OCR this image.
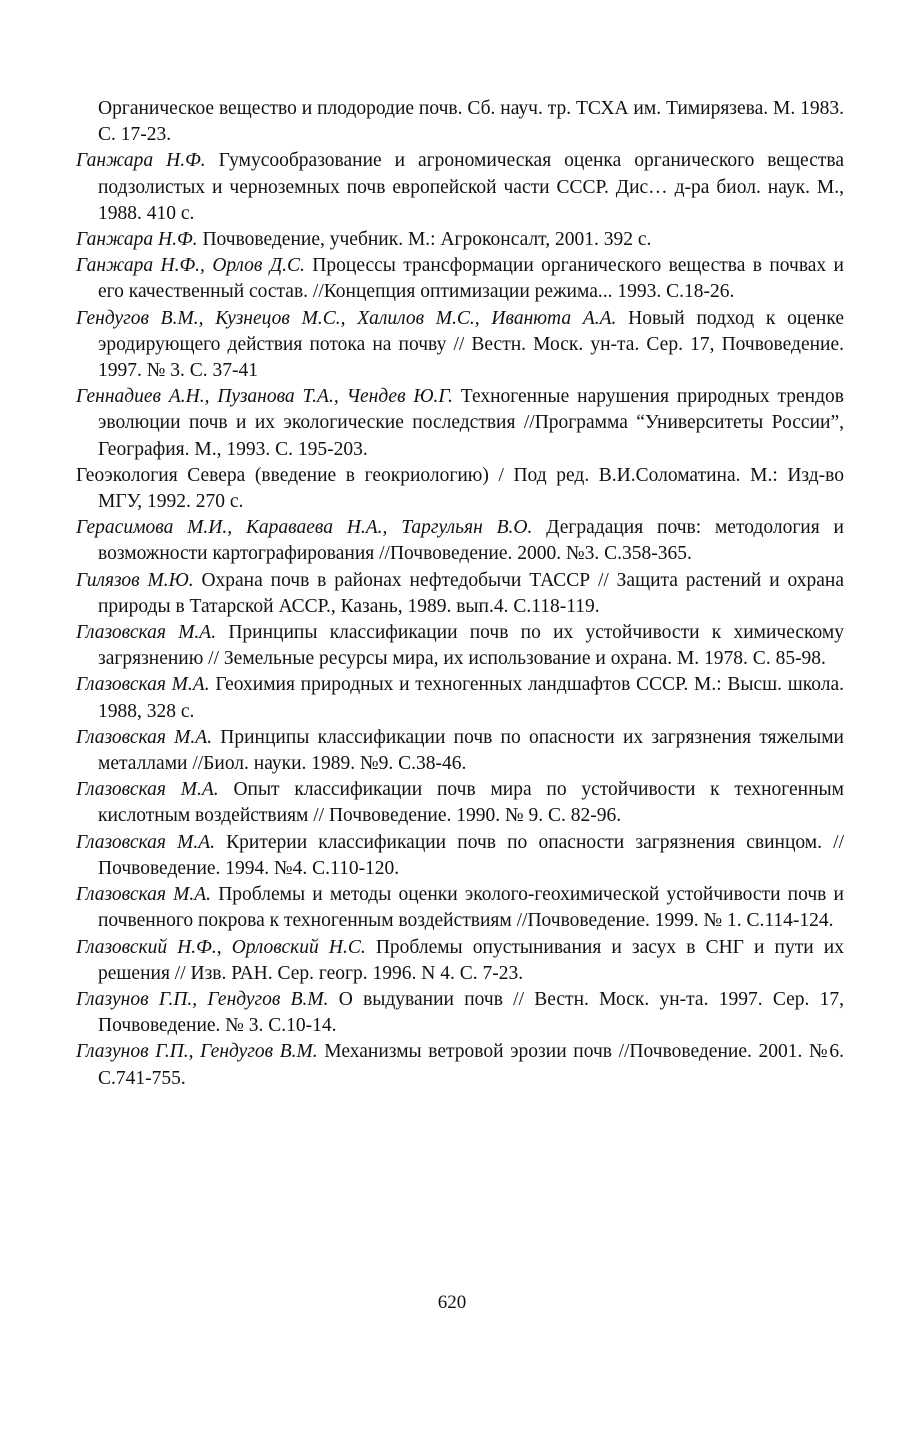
Органическое вещество и плодородие почв. Сб. науч. тр. ТСХА им. Тимирязева. М. 1983. С. 17-23.

Ганжара Н.Ф. Гумусообразование и агрономическая оценка органического вещества подзолистых и черноземных почв европейской части СССР. Дис… д-ра биол. наук. М., 1988. 410 с.

Ганжара Н.Ф. Почвоведение, учебник. М.: Агроконсалт, 2001. 392 с.

Ганжара Н.Ф., Орлов Д.С. Процессы трансформации органического вещества в почвах и его качественный состав. //Концепция оптимизации режима... 1993. С.18-26.

Гендугов В.М., Кузнецов М.С., Халилов М.С., Иванюта А.А. Новый подход к оценке эродирующего действия потока на почву // Вестн. Моск. ун-та. Сер. 17, Почвоведение. 1997. № 3. С. 37-41

Геннадиев А.Н., Пузанова Т.А., Чендев Ю.Г. Техногенные нарушения природных трендов эволюции почв и их экологические последствия //Программа “Университеты России”, География. М., 1993. С. 195-203.

Геоэкология Севера (введение в геокриологию) / Под ред. В.И.Соломатина. М.: Изд-во МГУ, 1992. 270 с.

Герасимова М.И., Караваева Н.А., Таргульян В.О. Деградация почв: методология и возможности картографирования //Почвоведение. 2000. №3. С.358-365.

Гилязов М.Ю. Охрана почв в районах нефтедобычи ТАССР // Защита растений и охрана природы в Татарской АССР., Казань, 1989. вып.4. С.118-119.

Глазовская М.А. Принципы классификации почв по их устойчивости к химическому загрязнению // Земельные ресурсы мира, их использование и охрана. М. 1978. С. 85-98.

Глазовская М.А. Геохимия природных и техногенных ландшафтов СССР. М.: Высш. школа. 1988, 328 с.

Глазовская М.А. Принципы классификации почв по опасности их загрязнения тяжелыми металлами //Биол. науки. 1989. №9. С.38-46.

Глазовская М.А. Опыт классификации почв мира по устойчивости к техногенным кислотным воздействиям // Почвоведение. 1990. № 9. С. 82-96.

Глазовская М.А. Критерии классификации почв по опасности загрязнения свинцом. //Почвоведение. 1994. №4. С.110-120.

Глазовская М.А. Проблемы и методы оценки эколого-геохимической устойчивости почв и почвенного покрова к техногенным воздействиям //Почвоведение. 1999. № 1. С.114-124.

Глазовский Н.Ф., Орловский Н.С. Проблемы опустынивания и засух в СНГ и пути их решения // Изв. РАН. Сер. геогр. 1996. N 4. С. 7-23.

Глазунов Г.П., Гендугов В.М. О выдувании почв // Вестн. Моск. ун-та. 1997. Сер. 17, Почвоведение. № 3. С.10-14.

Глазунов Г.П., Гендугов В.М. Механизмы ветровой эрозии почв //Почвоведение. 2001. №6. С.741-755.

620
